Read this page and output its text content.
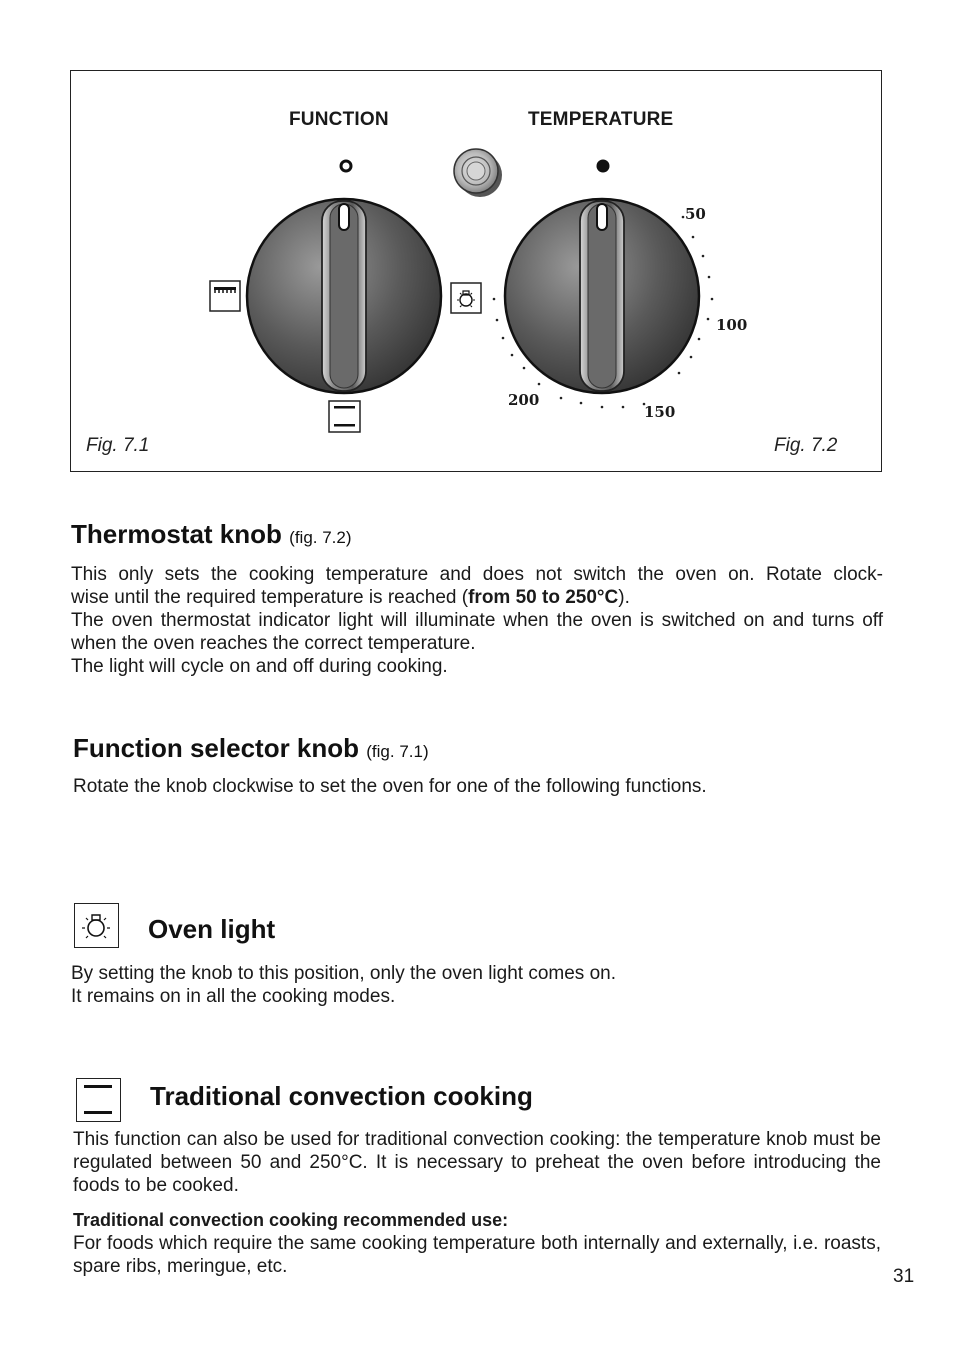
FUNCTION	TEMPERATURE
50
100
150
200
Fig. 7.1	Fig. 7.2
Thermostat knob (fig. 7.2)

This only sets the cooking temperature and does not switch the oven on. Rotate clock-

wise until the required temperature is reached (from 50 to 250°C).

The oven thermostat indicator light will illuminate when the oven is switched on and turns off when the oven reaches the correct temperature.

The light will cycle on and off during cooking.

Function selector knob (fig. 7.1)

Rotate the knob clockwise to set the oven for one of the following functions.

Oven light

By setting the knob to this position, only the oven light comes on.

It remains on in all the cooking modes.

Traditional convection cooking

This function can also be used for traditional convection cooking: the temperature knob must be regulated between 50 and 250°C. It is necessary to preheat the oven before introducing the foods to be cooked.

Traditional convection cooking recommended use:

For foods which require the same cooking temperature both internally and externally, i.e. roasts, spare ribs, meringue, etc.	31
